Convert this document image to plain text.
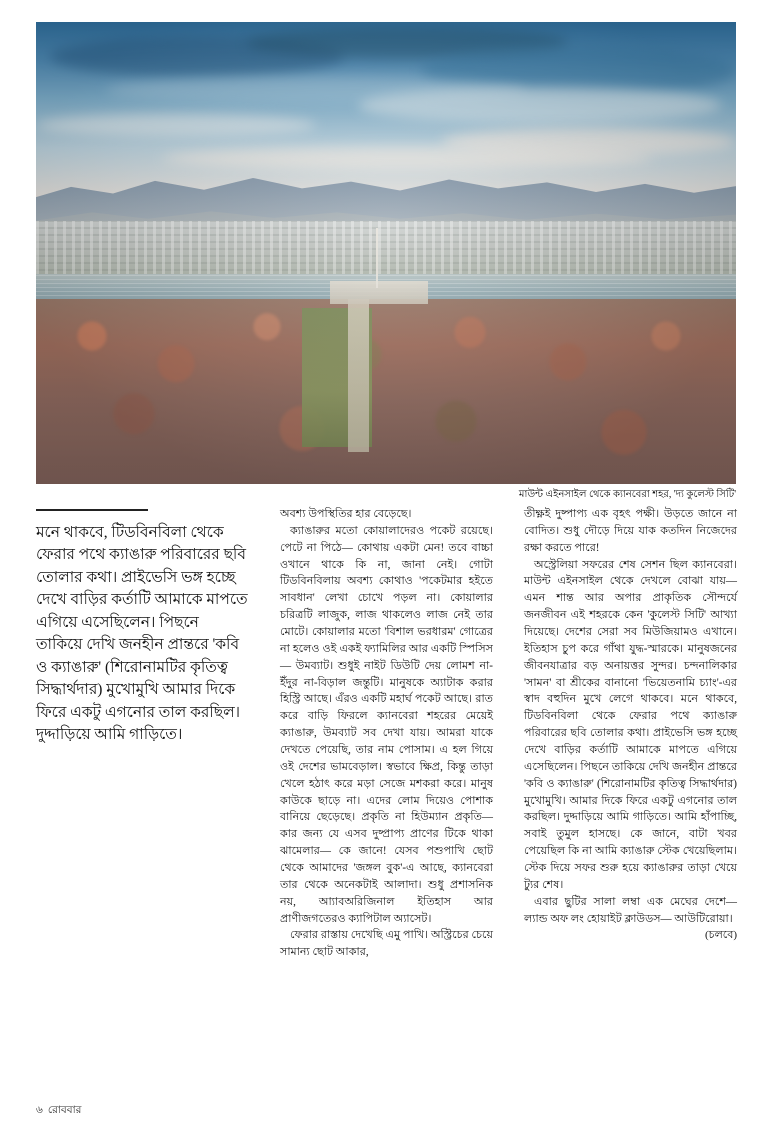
মাউন্ট এইনসাইল থেকে ক্যানবেরা শহর, 'দ্য কুলেস্ট সিটি'

মনে থাকবে, টিডবিনবিলা থেকে ফেরার পথে ক্যাঙারু পরিবারের ছবি তোলার কথা। প্রাইভেসি ভঙ্গ হচ্ছে দেখে বাড়ির কর্তাটি আমাকে মাপতে এগিয়ে এসেছিলেন। পিছনে তাকিয়ে দেখি জনহীন প্রান্তরে 'কবি ও ক্যাঙারু' (শিরোনামটির কৃতিত্ব সিদ্ধার্থদার) মুখোমুখি আমার দিকে ফিরে একটু এগনোর তাল করছিল। দুদ্দাড়িয়ে আমি গাড়িতে।

অবশ্য উপস্থিতির হার বেড়েছে।

ক্যাঙারুর মতো কোয়ালাদেরও পকেট রয়েছে। পেটে না পিঠে— কোথায় একটা মেন! তবে বাচ্চা ওখানে থাকে কি না, জানা নেই। গোটা টিডবিনবিলায় অবশ্য কোথাও 'পকেটমার হইতে সাবধান' লেখা চোখে পড়ল না। কোয়ালার চরিত্রটি লাজুক, লাজ থাকলেও লাজ নেই তার মোটে। কোয়ালার মতো 'বিশাল ভরধারম' গোত্রের না হলেও ওই একই ফ্যামিলির আর একটি স্পিসিস— উমব্যাট। শুধুই নাইট ডিউটি দেয় লোমশ না-ইঁদুর না-বিড়াল জন্তুটি। মানুষকে অ্যাটাক করার হিস্ট্রি আছে। এঁরও একটি মহার্ঘ পকেট আছে। রাত করে বাড়ি ফিরলে ক্যানবেরা শহরের মেয়েই ক্যাঙারু, উমব্যাট সব দেখা যায়। আমরা যাকে দেখতে পেয়েছি, তার নাম পোসাম। এ হল গিয়ে ওই দেশের ভামবেড়াল। স্বভাবে ক্ষিপ্র, কিন্তু তাড়া খেলে হঠাৎ করে মড়া সেজে মশকরা করে। মানুষ কাউকে ছাড়ে না। এদের লোম দিয়েও পোশাক বানিয়ে ছেড়েছে। প্রকৃতি না হিউম্যান প্রকৃতি— কার জন্য যে এসব দুষ্প্রাপ্য প্রাণের টিকে থাকা ঝামেলার— কে জানে! যেসব পশুপাখি ছোট থেকে আমাদের 'জঙ্গল বুক'-এ আছে, ক্যানবেরা তার থেকে অনেকটাই আলাদা। শুধু প্রশাসনিক নয়, আ্যাবঅরিজিনাল ইতিহাস আর প্রাণীজগতেরও ক্যাপিটাল অ্যাসেট।

ফেরার রাস্তায় দেখেছি এমু পাখি। অস্ট্রিচের চেয়ে সামান্য ছোট আকার,

তীক্ষ্ণই দুষ্পাপ্য এক বৃহৎ পক্ষী। উড়তে জানে না বোদিত। শুধু দৌড়ে দিয়ে যাক কতদিন নিজেদের রক্ষা করতে পারে!

অস্ট্রেলিয়া সফরের শেষ সেশন ছিল ক্যানবেরা। মাউন্ট এইনসাইল থেকে দেখলে বোঝা যায়— এমন শান্ত আর অপার প্রাকৃতিক সৌন্দর্যে জনজীবন এই শহরকে কেন 'কুলেস্ট সিটি' আখ্যা দিয়েছে। দেশের সেরা সব মিউজিয়ামও এখানে। ইতিহাস চুপ করে গাঁথা যুদ্ধ-স্মারকে। মানুষজনের জীবনযাত্রার বড় অনায়ত্তর সুন্দর। চন্দনালিকার 'সামন' বা শ্রীকের বানানো 'ভিয়েতনামি চ্যাং'-এর স্বাদ বহুদিন মুখে লেগে থাকবে। মনে থাকবে, টিডবিনবিলা থেকে ফেরার পথে ক্যাঙারু পরিবারের ছবি তোলার কথা। প্রাইভেসি ভঙ্গ হচ্ছে দেখে বাড়ির কর্তাটি আমাকে মাপতে এগিয়ে এসেছিলেন। পিছনে তাকিয়ে দেখি জনহীন প্রান্তরে 'কবি ও ক্যাঙারু' (শিরোনামটির কৃতিত্ব সিদ্ধার্থদার) মুখোমুখি। আমার দিকে ফিরে একটু এগনোর তাল করছিল। দুদ্দাড়িয়ে আমি গাড়িতে। আমি হাঁপাচ্ছি, সবাই তুমুল হাসছে। কে জানে, বাটা খবর পেয়েছিল কি না আমি ক্যাঙারু স্টেক খেয়েছিলাম। স্টেক দিয়ে সফর শুরু হয়ে ক্যাঙারুর তাড়া খেয়ে ট্যুর শেষ।

এবার ছুটির সালা লম্বা এক মেঘের দেশে— ল্যান্ড অফ লং হোয়াইট ক্লাউডস— আউটিরোয়া।

(চলবে)

৬ রোববার
